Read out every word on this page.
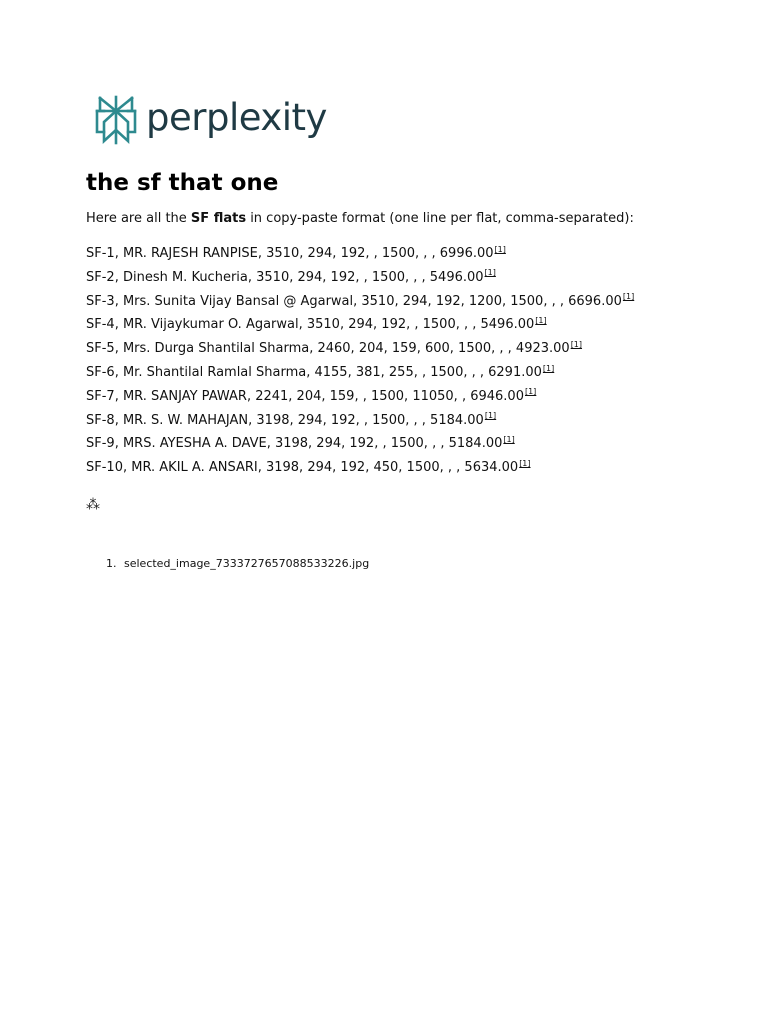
perplexity
the sf that one

Here are all the SF flats in copy-paste format (one line per flat, comma-separated):

SF-1, MR. RAJESH RANPISE, 3510, 294, 192, , 1500, , , 6996.00[1]
SF-2, Dinesh M. Kucheria, 3510, 294, 192, , 1500, , , 5496.00[1]
SF-3, Mrs. Sunita Vijay Bansal @ Agarwal, 3510, 294, 192, 1200, 1500, , , 6696.00[1]
SF-4, MR. Vijaykumar O. Agarwal, 3510, 294, 192, , 1500, , , 5496.00[1]
SF-5, Mrs. Durga Shantilal Sharma, 2460, 204, 159, 600, 1500, , , 4923.00[1]
SF-6, Mr. Shantilal Ramlal Sharma, 4155, 381, 255, , 1500, , , 6291.00[1]
SF-7, MR. SANJAY PAWAR, 2241, 204, 159, , 1500, 11050, , 6946.00[1]
SF-8, MR. S. W. MAHAJAN, 3198, 294, 192, , 1500, , , 5184.00[1]
SF-9, MRS. AYESHA A. DAVE, 3198, 294, 192, , 1500, , , 5184.00[1]
SF-10, MR. AKIL A. ANSARI, 3198, 294, 192, 450, 1500, , , 5634.00[1]
⁂
1. selected_image_7333727657088533226.jpg
